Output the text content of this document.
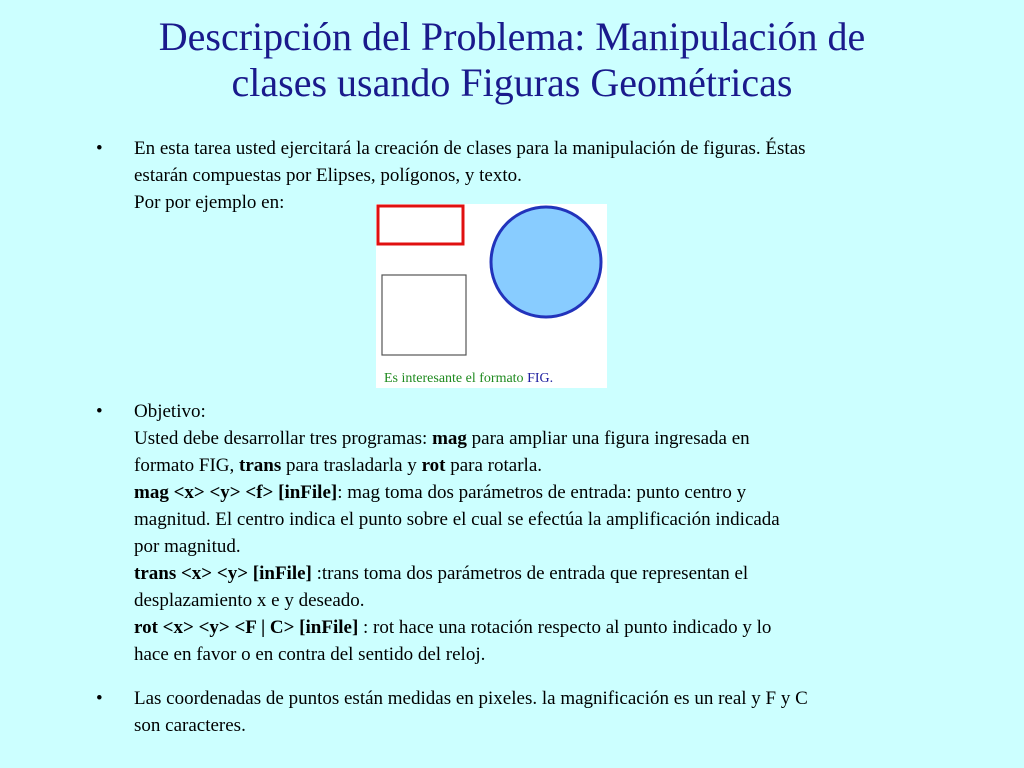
Descripción del Problema: Manipulación de
clases usando Figuras Geométricas
• En esta tarea usted ejercitará la creación de clases para la manipulación de figuras. Éstas
estarán compuestas por Elipses, polígonos, y texto.
Por por ejemplo en:
Es interesante el formato FIG.
• Objetivo:
Usted debe desarrollar tres programas: mag para ampliar una figura ingresada en
formato FIG, trans para trasladarla y rot para rotarla.
mag <x> <y> <f> [inFile]: mag toma dos parámetros de entrada: punto centro y
magnitud. El centro indica el punto sobre el cual se efectúa la amplificación indicada
por magnitud.
trans <x> <y> [inFile] :trans toma dos parámetros de entrada que representan el
desplazamiento x e y deseado.
rot <x> <y> <F | C> [inFile] : rot hace una rotación respecto al punto indicado y lo
hace en favor o en contra del sentido del reloj.
• Las coordenadas de puntos están medidas en pixeles. la magnificación es un real y F y C
son caracteres.
